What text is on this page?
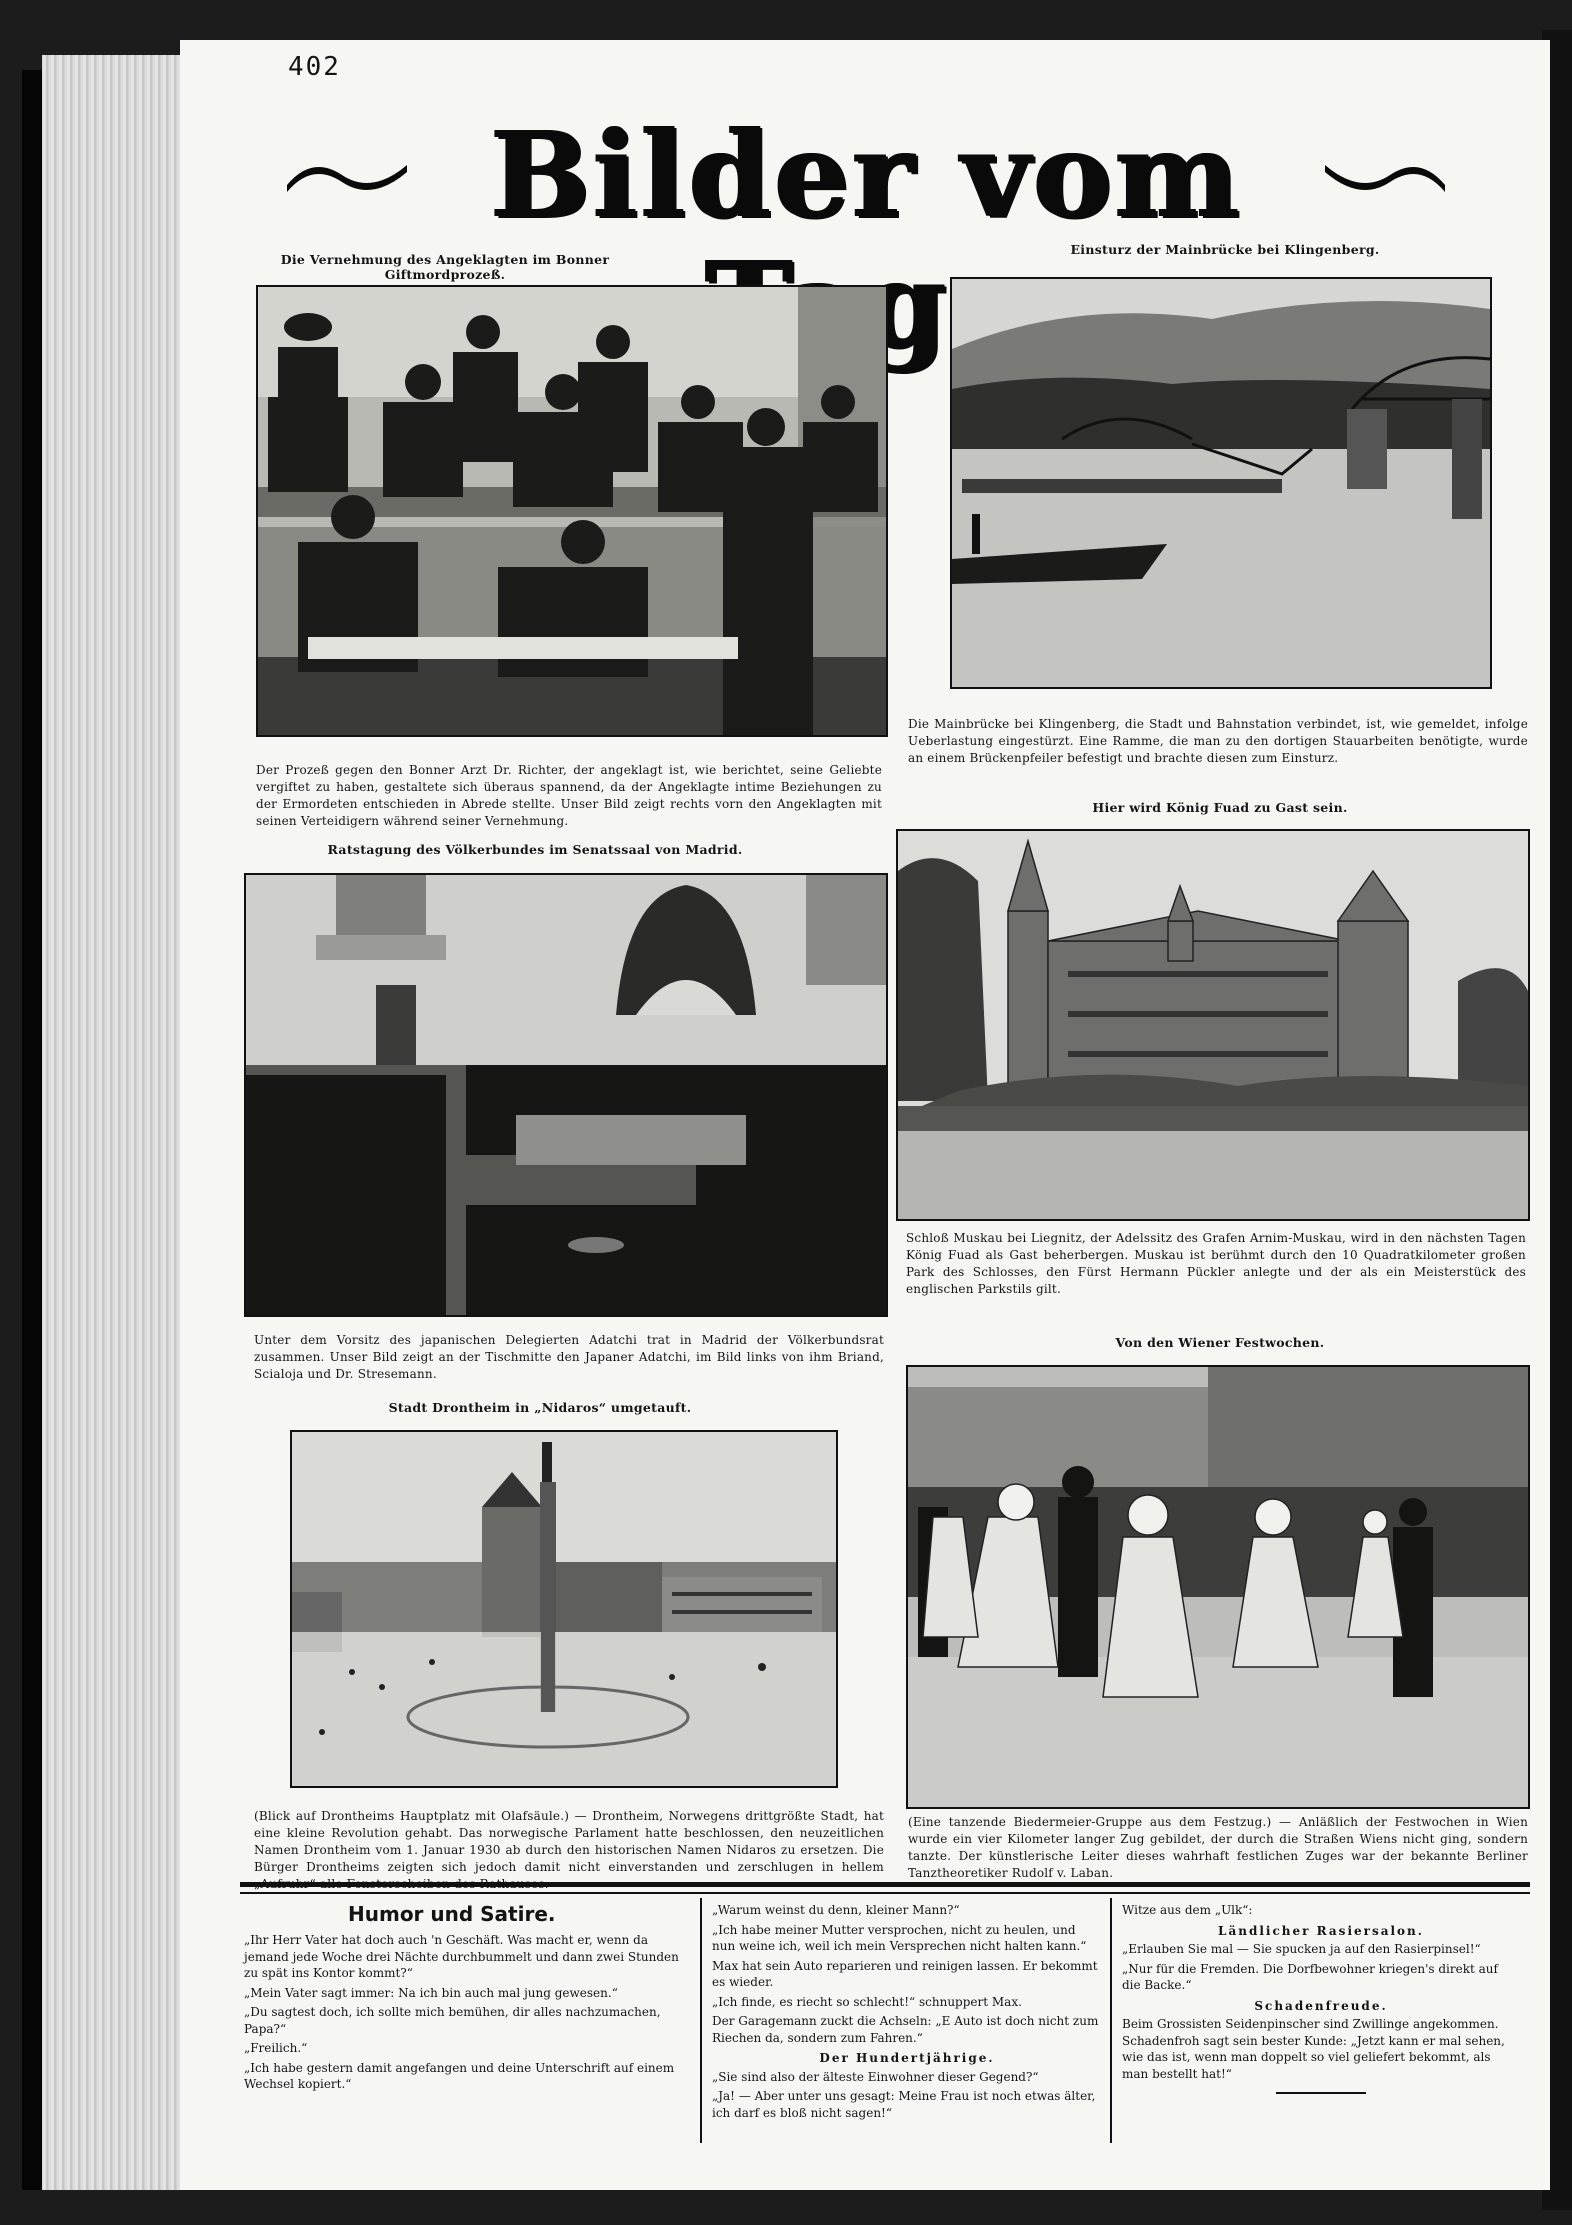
402
Bilder vom
Die Vernehmung des Angeklagten im Bonner Giftmordprozeß.
Der Prozeß gegen den Bonner Arzt Dr. Richter, der angeklagt ist, wie berichtet, seine Geliebte vergiftet zu haben, gestaltete sich überaus spannend, da der Angeklagte intime Beziehungen zu der Ermordeten entschieden in Abrede stellte. Unser Bild zeigt rechts vorn den Angeklagten mit seinen Verteidigern während seiner Vernehmung.
Einsturz der Mainbrücke bei Klingenberg.
Die Mainbrücke bei Klingenberg, die Stadt und Bahnstation verbindet, ist, wie gemeldet, infolge Ueberlastung eingestürzt. Eine Ramme, die man zu den dortigen Stauarbeiten benötigte, wurde an einem Brückenpfeiler befestigt und brachte diesen zum Einsturz.
Hier wird König Fuad zu Gast sein.
Schloß Muskau bei Liegnitz, der Adelssitz des Grafen Arnim-Muskau, wird in den nächsten Tagen König Fuad als Gast beherbergen. Muskau ist berühmt durch den 10 Quadratkilometer großen Park des Schlosses, den Fürst Hermann Pückler anlegte und der als ein Meisterstück des englischen Parkstils gilt.
Ratstagung des Völkerbundes im Senatssaal von Madrid.
Unter dem Vorsitz des japanischen Delegierten Adatchi trat in Madrid der Völkerbundsrat zusammen. Unser Bild zeigt an der Tischmitte den Japaner Adatchi, im Bild links von ihm Briand, Scialoja und Dr. Stresemann.
Stadt Drontheim in „Nidaros“ umgetauft.
(Blick auf Drontheims Hauptplatz mit Olafsäule.) — Drontheim, Norwegens drittgrößte Stadt, hat eine kleine Revolution gehabt. Das norwegische Parlament hatte beschlossen, den neuzeitlichen Namen Drontheim vom 1. Januar 1930 ab durch den historischen Namen Nidaros zu ersetzen. Die Bürger Drontheims zeigten sich jedoch damit nicht einverstanden und zerschlugen in hellem
Von den Wiener Festwochen.
(Eine tanzende Biedermeier-Gruppe aus dem Festzug.) — Anläßlich der Festwochen in Wien wurde ein vier Kilometer langer Zug gebildet, der durch die Straßen Wiens nicht ging, sondern tanzte. Der künstlerische Leiter dieses wahrhaft festlichen Zuges war der bekannte Berliner Tanztheoretiker Rudolf v. Laban.
Humor und Satire.

„Ihr Herr Vater hat doch auch 'n Geschäft. Was macht er, wenn da jemand jede Woche drei Nächte durchbummelt und dann zwei Stunden zu spät ins Kontor kommt?“

„Mein Vater sagt immer: Na ich bin auch mal jung gewesen.“

„Du sagtest doch, ich sollte mich bemühen, dir alles nachzumachen, Papa?“

„Freilich.“

„Ich habe gestern damit angefangen und deine Unterschrift auf einem Wechsel kopiert.“

„Warum weinst du denn, kleiner Mann?“

„Ich habe meiner Mutter versprochen, nicht zu heulen, und nun weine ich, weil ich mein Versprechen nicht halten kann.“

Max hat sein Auto reparieren und reinigen lassen. Er bekommt es wieder.

„Ich finde, es riecht so schlecht!“ schnuppert Max.

Der Garagemann zuckt die Achseln: „E Auto ist doch nicht zum Riechen da, sondern zum Fahren.“

Der Hundertjährige.

„Sie sind also der älteste Einwohner dieser Gegend?“

„Ja! — Aber unter uns gesagt: Meine Frau ist noch etwas älter, ich darf es bloß nicht sagen!“

Witze aus dem „Ulk“:

Ländlicher Rasiersalon.

„Erlauben Sie mal — Sie spucken ja auf den Rasierpinsel!“

„Nur für die Fremden. Die Dorfbewohner kriegen's direkt auf die Backe.“

Schadenfreude.

Beim Grossisten Seidenpinscher sind Zwillinge angekommen. Schadenfroh sagt sein bester Kunde: „Jetzt kann er mal sehen, wie das ist, wenn man doppelt so viel geliefert bekommt, als man bestellt hat!“
